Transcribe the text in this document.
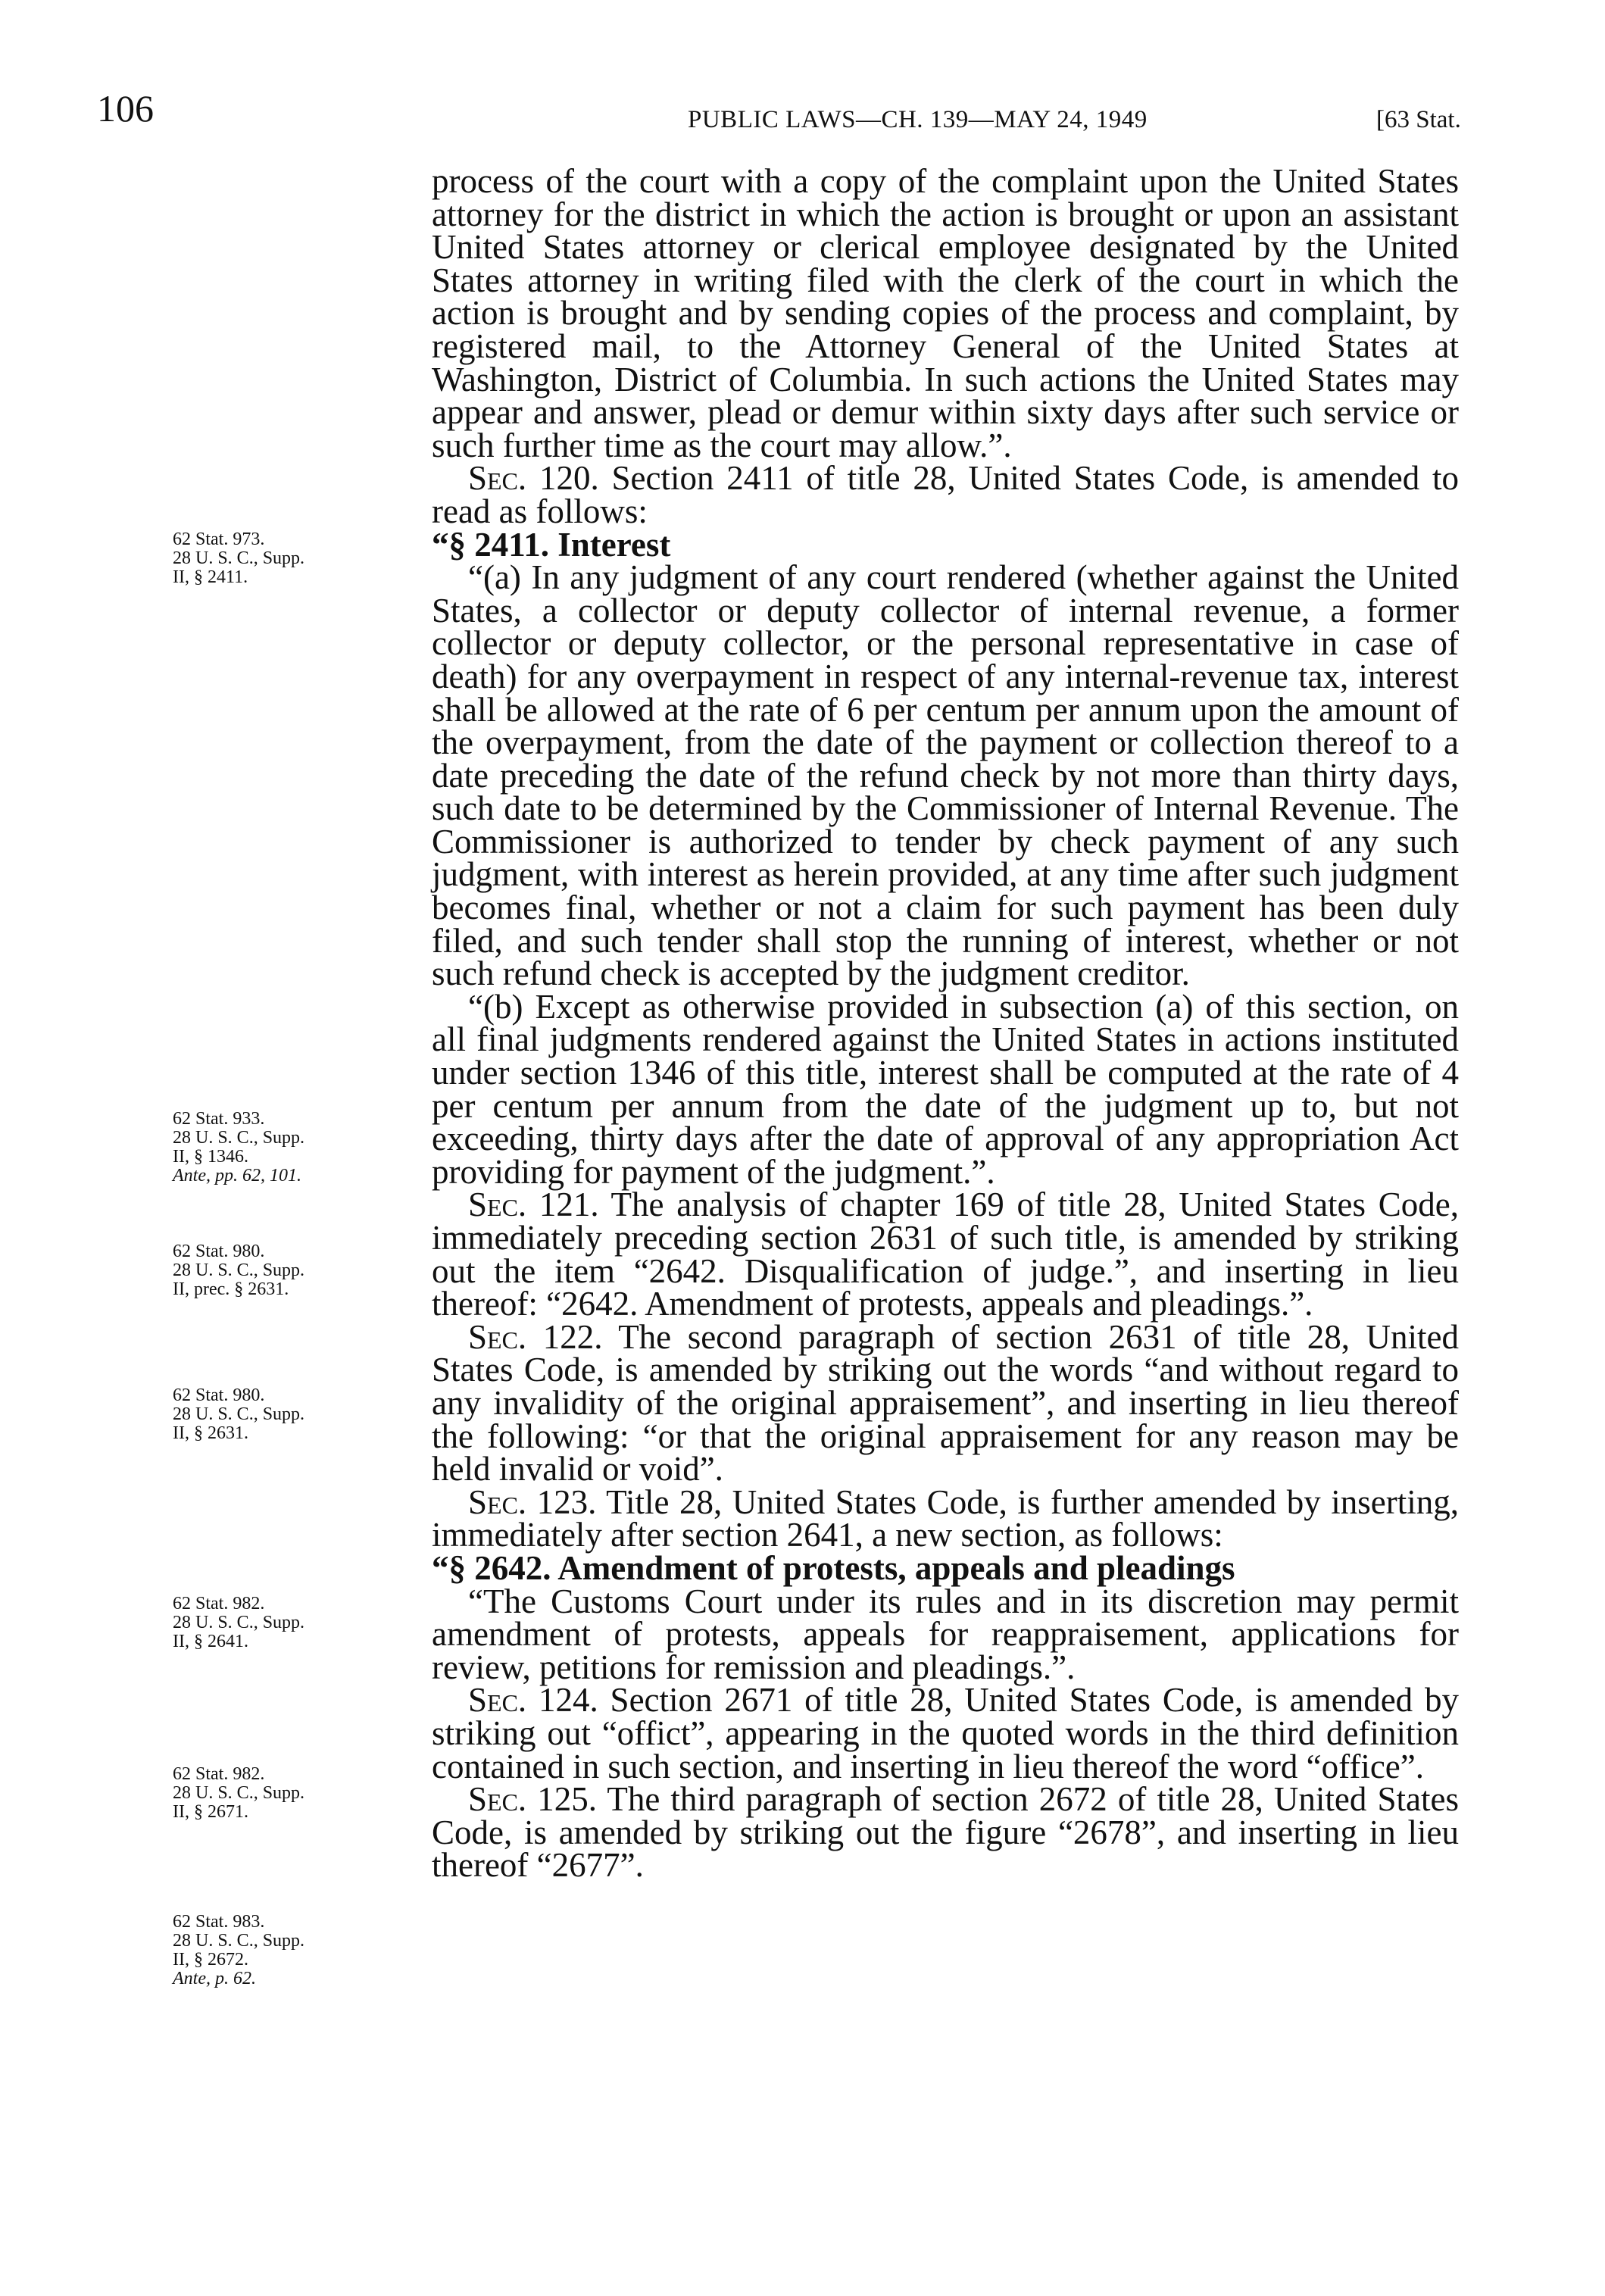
106	PUBLIC LAWS—CH. 139—MAY 24, 1949	[63 Stat.
62 Stat. 973.
28 U. S. C., Supp.
II, § 2411.
62 Stat. 933.
28 U. S. C., Supp.
II, § 1346.
Ante, pp. 62, 101.
62 Stat. 980.
28 U. S. C., Supp.
II, prec. § 2631.
62 Stat. 980.
28 U. S. C., Supp.
II, § 2631.
62 Stat. 982.
28 U. S. C., Supp.
II, § 2641.
62 Stat. 982.
28 U. S. C., Supp.
II, § 2671.
62 Stat. 983.
28 U. S. C., Supp.
II, § 2672.
Ante, p. 62.

process of the court with a copy of the complaint upon the United States attorney for the district in which the action is brought or upon an assistant United States attorney or clerical employee designated by the United States attorney in writing filed with the clerk of the court in which the action is brought and by sending copies of the process and complaint, by registered mail, to the Attorney General of the United States at Washington, District of Columbia. In such actions the United States may appear and answer, plead or demur within sixty days after such service or such further time as the court may allow.”.

Sec. 120. Section 2411 of title 28, United States Code, is amended to read as follows:

“§ 2411. Interest

“(a) In any judgment of any court rendered (whether against the United States, a collector or deputy collector of internal revenue, a former collector or deputy collector, or the personal representative in case of death) for any overpayment in respect of any internal-revenue tax, interest shall be allowed at the rate of 6 per centum per annum upon the amount of the overpayment, from the date of the payment or collection thereof to a date preceding the date of the refund check by not more than thirty days, such date to be determined by the Commissioner of Internal Revenue. The Commissioner is authorized to tender by check payment of any such judgment, with interest as herein provided, at any time after such judgment becomes final, whether or not a claim for such payment has been duly filed, and such tender shall stop the running of interest, whether or not such refund check is accepted by the judgment creditor.

“(b) Except as otherwise provided in subsection (a) of this section, on all final judgments rendered against the United States in actions instituted under section 1346 of this title, interest shall be computed at the rate of 4 per centum per annum from the date of the judgment up to, but not exceeding, thirty days after the date of approval of any appropriation Act providing for payment of the judgment.”.

Sec. 121. The analysis of chapter 169 of title 28, United States Code, immediately preceding section 2631 of such title, is amended by striking out the item “2642. Disqualification of judge.”, and inserting in lieu thereof: “2642. Amendment of protests, appeals and pleadings.”.

Sec. 122. The second paragraph of section 2631 of title 28, United States Code, is amended by striking out the words “and without regard to any invalidity of the original appraisement”, and inserting in lieu thereof the following: “or that the original appraisement for any reason may be held invalid or void”.

Sec. 123. Title 28, United States Code, is further amended by inserting, immediately after section 2641, a new section, as follows:

“§ 2642. Amendment of protests, appeals and pleadings

“The Customs Court under its rules and in its discretion may permit amendment of protests, appeals for reappraisement, applications for review, petitions for remission and pleadings.”.

Sec. 124. Section 2671 of title 28, United States Code, is amended by striking out “offict”, appearing in the quoted words in the third definition contained in such section, and inserting in lieu thereof the word “office”.

Sec. 125. The third paragraph of section 2672 of title 28, United States Code, is amended by striking out the figure “2678”, and inserting in lieu thereof “2677”.
